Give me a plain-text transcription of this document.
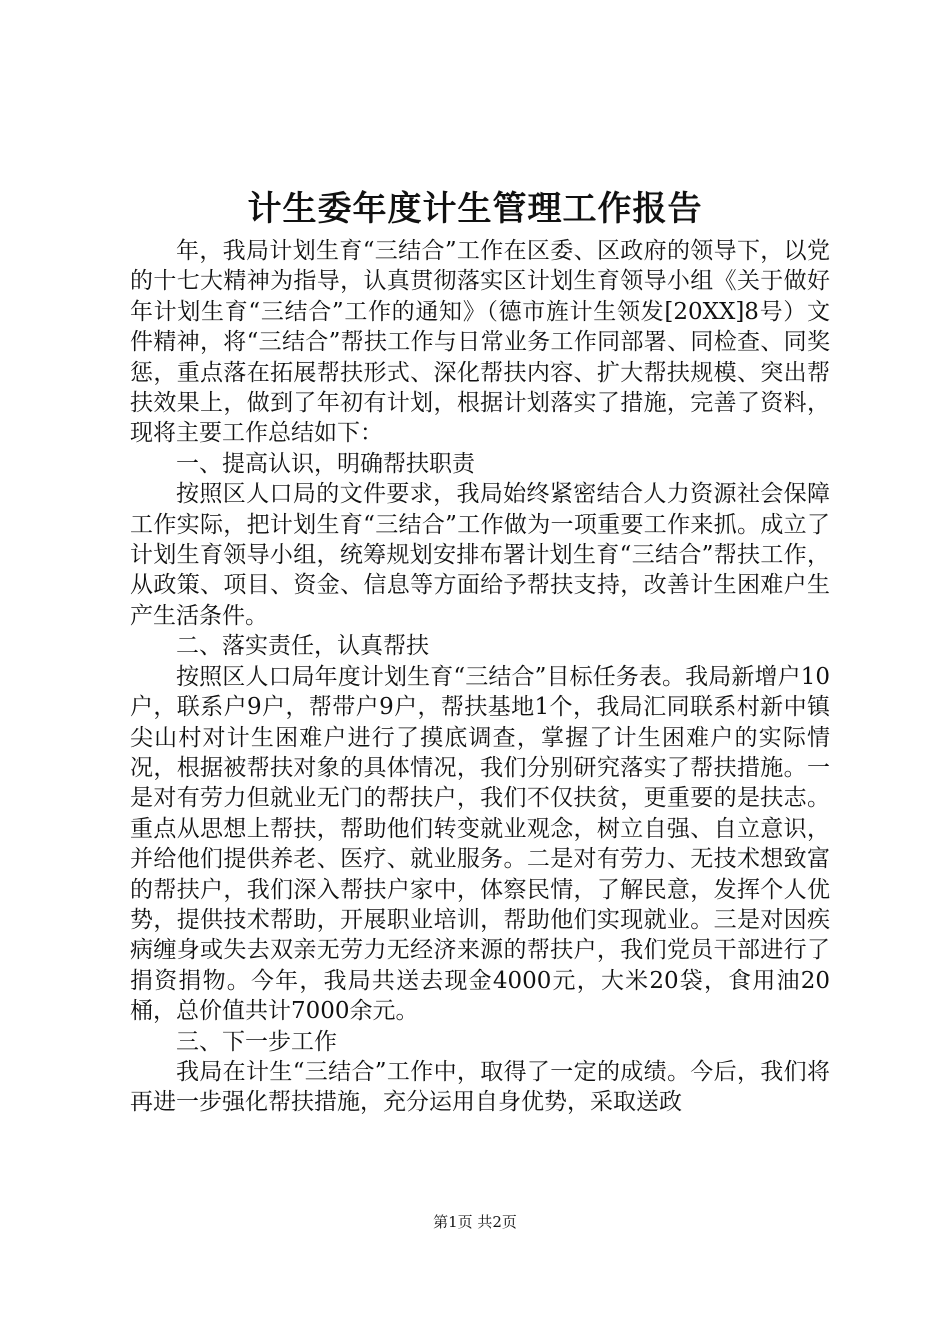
计生委年度计生管理工作报告

年，我局计划生育“三结合”工作在区委、区政府的领导下，以党的十七大精神为指导，认真贯彻落实区计划生育领导小组《关于做好年计划生育“三结合”工作的通知》（德市旌计生领发[20XX]8号）文件精神，将“三结合”帮扶工作与日常业务工作同部署、同检查、同奖惩，重点落在拓展帮扶形式、深化帮扶内容、扩大帮扶规模、突出帮扶效果上，做到了年初有计划，根据计划落实了措施，完善了资料，现将主要工作总结如下：

一、提高认识，明确帮扶职责

按照区人口局的文件要求，我局始终紧密结合人力资源社会保障工作实际，把计划生育“三结合”工作做为一项重要工作来抓。成立了计划生育领导小组，统筹规划安排布署计划生育“三结合”帮扶工作，从政策、项目、资金、信息等方面给予帮扶支持，改善计生困难户生产生活条件。

二、落实责任，认真帮扶

按照区人口局年度计划生育“三结合”目标任务表。我局新增户10户，联系户9户，帮带户9户，帮扶基地1个，我局汇同联系村新中镇尖山村对计生困难户进行了摸底调查，掌握了计生困难户的实际情况，根据被帮扶对象的具体情况，我们分别研究落实了帮扶措施。一是对有劳力但就业无门的帮扶户，我们不仅扶贫，更重要的是扶志。重点从思想上帮扶，帮助他们转变就业观念，树立自强、自立意识，并给他们提供养老、医疗、就业服务。二是对有劳力、无技术想致富的帮扶户，我们深入帮扶户家中，体察民情，了解民意，发挥个人优势，提供技术帮助，开展职业培训，帮助他们实现就业。三是对因疾病缠身或失去双亲无劳力无经济来源的帮扶户，我们党员干部进行了捐资捐物。今年，我局共送去现金4000元，大米20袋，食用油20桶，总价值共计7000余元。

三、下一步工作

我局在计生“三结合”工作中，取得了一定的成绩。今后，我们将再进一步强化帮扶措施，充分运用自身优势，采取送政

第1页 共2页
